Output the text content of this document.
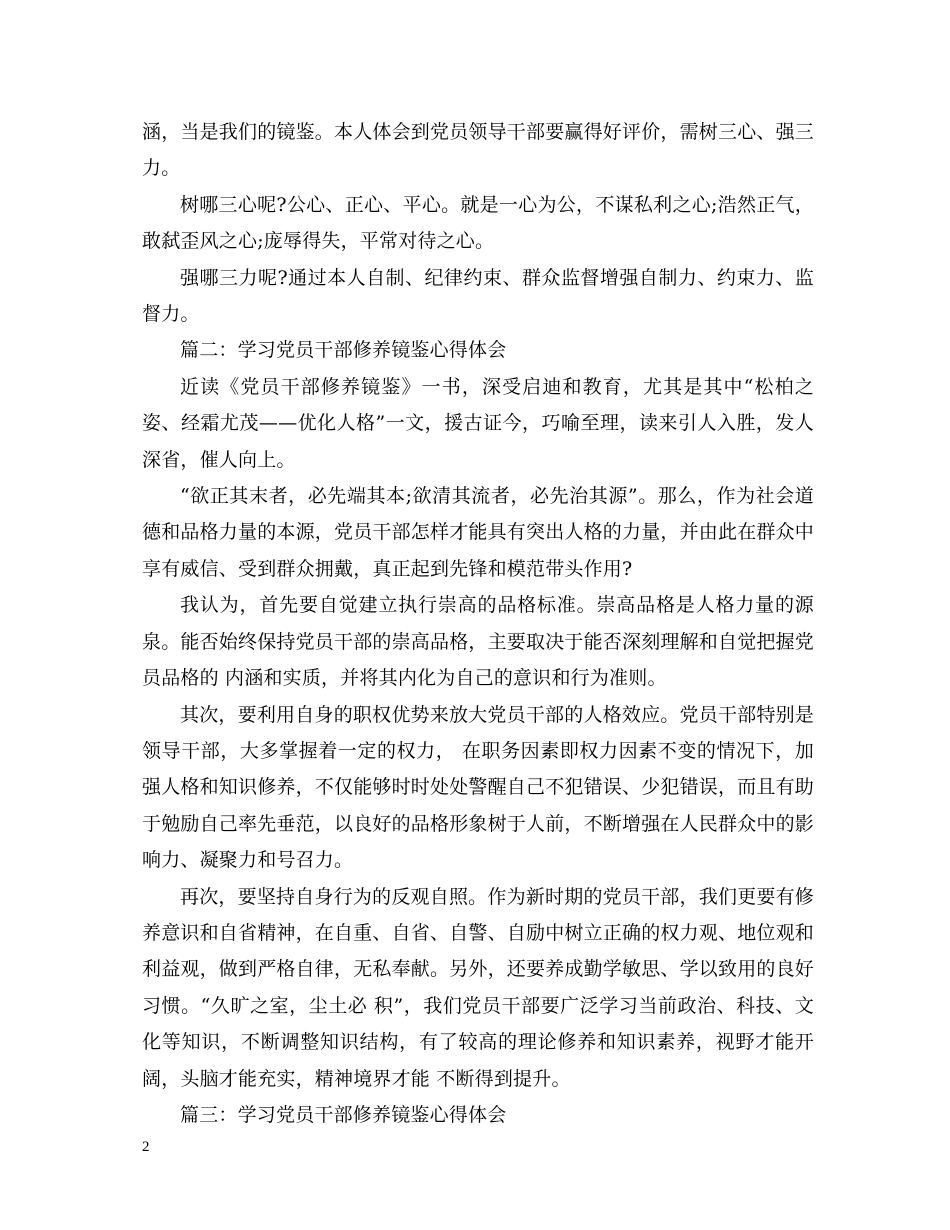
涵，当是我们的镜鉴。本人体会到党员领导干部要赢得好评价，需树三心、强三力。

树哪三心呢?公心、正心、平心。就是一心为公，不谋私利之心;浩然正气，敢弑歪风之心;庞辱得失，平常对待之心。

强哪三力呢?通过本人自制、纪律约束、群众监督增强自制力、约束力、监督力。

篇二：学习党员干部修养镜鉴心得体会

近读《党员干部修养镜鉴》一书，深受启迪和教育，尤其是其中“松柏之姿、经霜尤茂——优化人格”一文，援古证今，巧喻至理，读来引人入胜，发人深省，催人向上。

“欲正其末者，必先端其本;欲清其流者，必先治其源”。那么，作为社会道德和品格力量的本源，党员干部怎样才能具有突出人格的力量，并由此在群众中享有威信、受到群众拥戴，真正起到先锋和模范带头作用?

我认为，首先要自觉建立执行崇高的品格标准。崇高品格是人格力量的源泉。能否始终保持党员干部的崇高品格，主要取决于能否深刻理解和自觉把握党员品格的 内涵和实质，并将其内化为自己的意识和行为准则。

其次，要利用自身的职权优势来放大党员干部的人格效应。党员干部特别是领导干部，大多掌握着一定的权力， 在职务因素即权力因素不变的情况下，加强人格和知识修养，不仅能够时时处处警醒自己不犯错误、少犯错误，而且有助于勉励自己率先垂范，以良好的品格形象树于人前，不断增强在人民群众中的影响力、凝聚力和号召力。

再次，要坚持自身行为的反观自照。作为新时期的党员干部，我们更要有修养意识和自省精神，在自重、自省、自警、自励中树立正确的权力观、地位观和利益观，做到严格自律，无私奉献。另外，还要养成勤学敏思、学以致用的良好习惯。“久旷之室，尘土必 积”，我们党员干部要广泛学习当前政治、科技、文化等知识，不断调整知识结构，有了较高的理论修养和知识素养，视野才能开阔，头脑才能充实，精神境界才能 不断得到提升。

篇三：学习党员干部修养镜鉴心得体会

2
